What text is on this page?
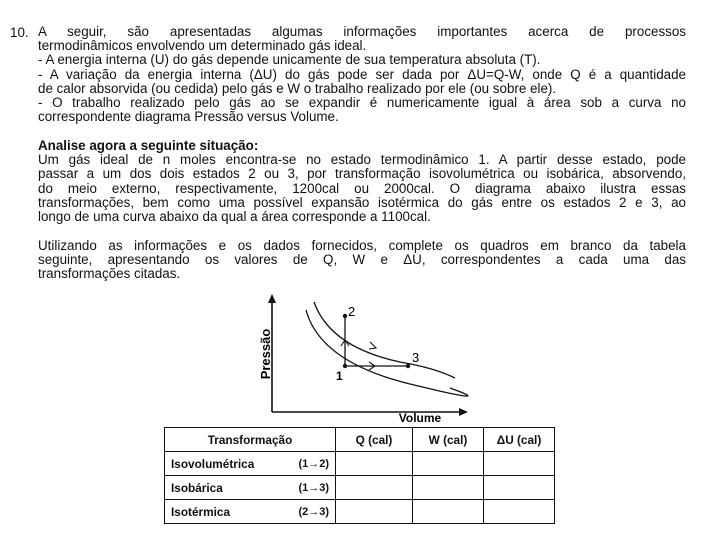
10. A seguir, são apresentadas algumas informações importantes acerca de processos
termodinâmicos envolvendo um determinado gás ideal.
- A energia interna (U) do gás depende unicamente de sua temperatura absoluta (T).
- A variação da energia interna (ΔU) do gás pode ser dada por ΔU=Q-W, onde Q é a quantidade
de calor absorvida (ou cedida) pelo gás e W o trabalho realizado por ele (ou sobre ele).
- O trabalho realizado pelo gás ao se expandir é numericamente igual à área sob a curva no
correspondente diagrama Pressão versus Volume.
Analise agora a seguinte situação:
Um gás ideal de n moles encontra-se no estado termodinâmico 1. A partir desse estado, pode
passar a um dos dois estados 2 ou 3, por transformação isovolumétrica ou isobárica, absorvendo,
do meio externo, respectivamente, 1200cal ou 2000cal. O diagrama abaixo ilustra essas
transformações, bem como uma possível expansão isotérmica do gás entre os estados 2 e 3, ao
longo de uma curva abaixo da qual a área corresponde a 1100cal.
Utilizando as informações e os dados fornecidos, complete os quadros em branco da tabela
seguinte, apresentando os valores de Q, W e ΔU, correspondentes a cada uma das
transformações citadas.
Pressão
Volume
1
2
3
Transformação	Q (cal)	W (cal)	ΔU (cal)

Isovolumétrica (1→2)			

Isobárica (1→3)			

Isotérmica (2→3)			
